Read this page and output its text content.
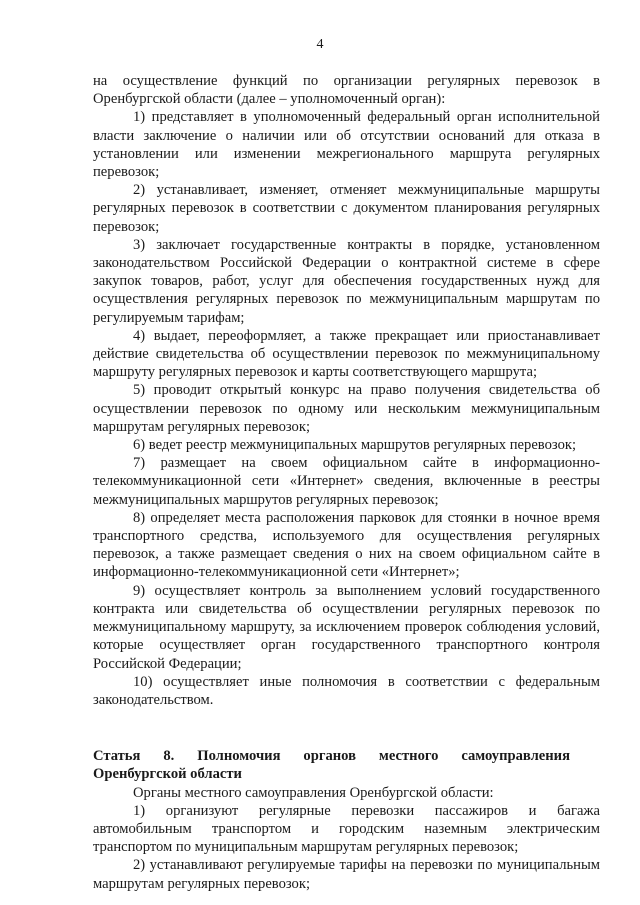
4

на осуществление функций по организации регулярных перевозок в Оренбургской области (далее – уполномоченный орган):

1) представляет в уполномоченный федеральный орган исполнительной власти заключение о наличии или об отсутствии оснований для отказа в установлении или изменении межрегионального маршрута регулярных перевозок;

2) устанавливает, изменяет, отменяет межмуниципальные маршруты регулярных перевозок в соответствии с документом планирования регулярных перевозок;

3) заключает государственные контракты в порядке, установленном законодательством Российской Федерации о контрактной системе в сфере закупок товаров, работ, услуг для обеспечения государственных нужд для осуществления регулярных перевозок по межмуниципальным маршрутам по регулируемым тарифам;

4) выдает, переоформляет, а также прекращает или приостанавливает действие свидетельства об осуществлении перевозок по межмуниципальному маршруту регулярных перевозок и карты соответствующего маршрута;

5) проводит открытый конкурс на право получения свидетельства об осуществлении перевозок по одному или нескольким межмуниципальным маршрутам регулярных перевозок;

6) ведет реестр межмуниципальных маршрутов регулярных перевозок;

7) размещает на своем официальном сайте в информационно-телекоммуникационной сети «Интернет» сведения, включенные в реестры межмуниципальных маршрутов регулярных перевозок;

8) определяет места расположения парковок для стоянки в ночное время транспортного средства, используемого для осуществления регулярных перевозок, а также размещает сведения о них на своем официальном сайте в информационно-телекоммуникационной сети «Интернет»;

9) осуществляет контроль за выполнением условий государственного контракта или свидетельства об осуществлении регулярных перевозок по межмуниципальному маршруту, за исключением проверок соблюдения условий, которые осуществляет орган государственного транспортного контроля Российской Федерации;

10) осуществляет иные полномочия в соответствии с федеральным законодательством.

Статья 8. Полномочия органов местного самоуправления Оренбургской области

Органы местного самоуправления Оренбургской области:

1) организуют регулярные перевозки пассажиров и багажа автомобильным транспортом и городским наземным электрическим транспортом по муниципальным маршрутам регулярных перевозок;

2) устанавливают регулируемые тарифы на перевозки по муниципальным маршрутам регулярных перевозок;
